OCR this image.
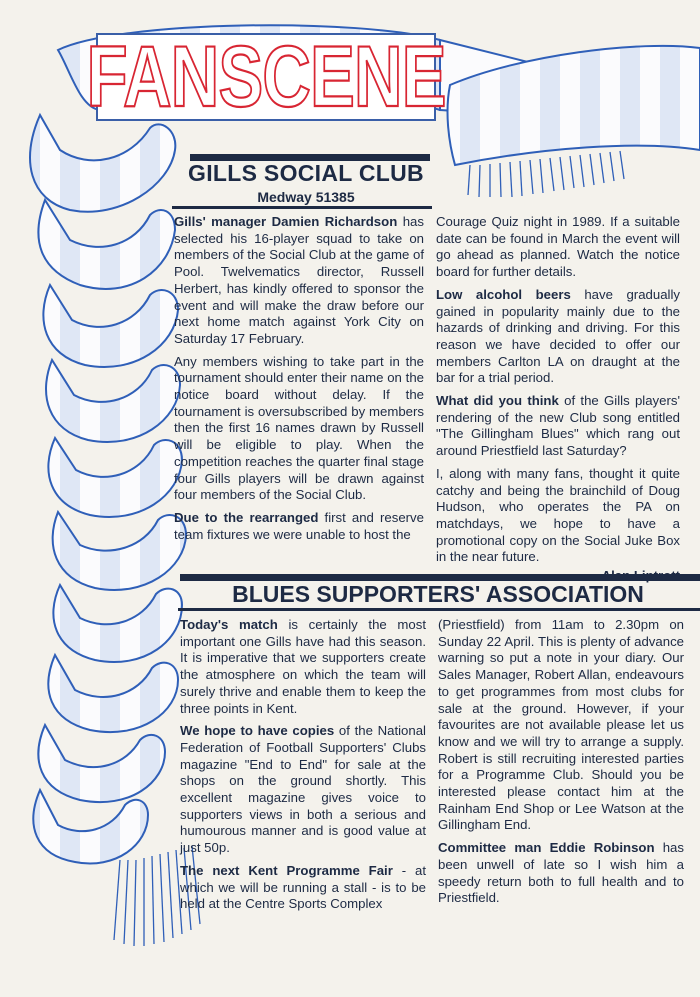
FANSCENE
GILLS SOCIAL CLUB
Medway 51385

Gills' manager Damien Richardson has selected his 16-player squad to take on members of the Social Club at the game of Pool. Twelvematics director, Russell Herbert, has kindly offered to sponsor the event and will make the draw before our next home match against York City on Saturday 17 February.

Any members wishing to take part in the tournament should enter their name on the notice board without delay. If the tournament is oversubscribed by members then the first 16 names drawn by Russell will be eligible to play. When the competition reaches the quarter final stage four Gills players will be drawn against four members of the Social Club.

Due to the rearranged first and reserve team fixtures we were unable to host the

Courage Quiz night in 1989. If a suitable date can be found in March the event will go ahead as planned. Watch the notice board for further details.

Low alcohol beers have gradually gained in popularity mainly due to the hazards of drinking and driving. For this reason we have decided to offer our members Carlton LA on draught at the bar for a trial period.

What did you think of the Gills players' rendering of the new Club song entitled "The Gillingham Blues" which rang out around Priestfield last Saturday?

I, along with many fans, thought it quite catchy and being the brainchild of Doug Hudson, who operates the PA on matchdays, we hope to have a promotional copy on the Social Juke Box in the near future.

BLUES SUPPORTERS' ASSOCIATION

Today's match is certainly the most important one Gills have had this season. It is imperative that we supporters create the atmosphere on which the team will surely thrive and enable them to keep the three points in Kent.

We hope to have copies of the National Federation of Football Supporters' Clubs magazine "End to End" for sale at the shops on the ground shortly. This excellent magazine gives voice to supporters views in both a serious and humourous manner and is good value at just 50p.

The next Kent Programme Fair - at which we will be running a stall - is to be held at the Centre Sports Complex

(Priestfield) from 11am to 2.30pm on Sunday 22 April. This is plenty of advance warning so put a note in your diary. Our Sales Manager, Robert Allan, endeavours to get programmes from most clubs for sale at the ground. However, if your favourites are not available please let us know and we will try to arrange a supply. Robert is still recruiting interested parties for a Programme Club. Should you be interested please contact him at the Rainham End Shop or Lee Watson at the Gillingham End.

Committee man Eddie Robinson has been unwell of late so I wish him a speedy return both to full health and to Priestfield.
